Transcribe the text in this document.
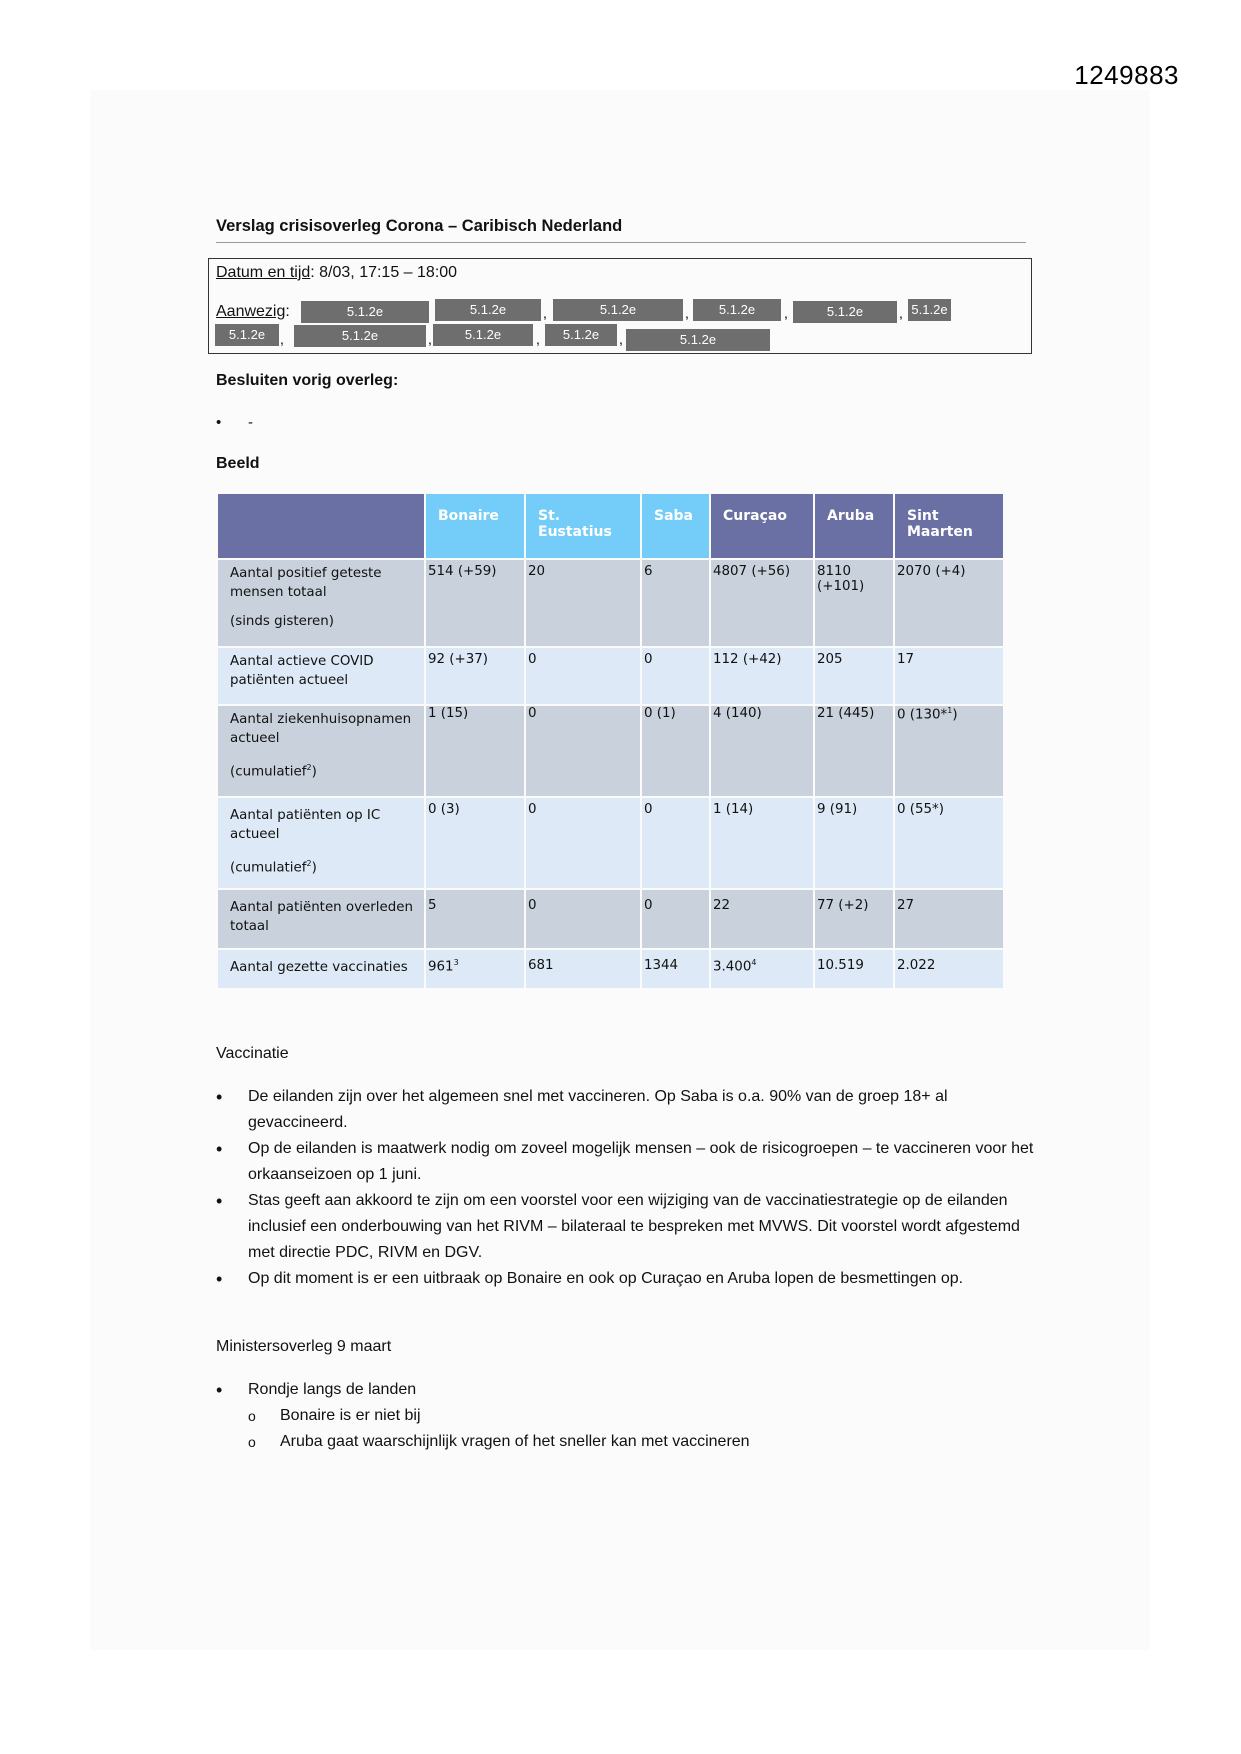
1249883
Verslag crisisoverleg Corona – Caribisch Nederland
Datum en tijd: 8/03, 17:15 – 18:00
Aanwezig:	5.1.2e	5.1.2e	,	5.1.2e	,	5.1.2e	,	5.1.2e	, 5.1.2e
5.1.2e	,	5.1.2e	,	5.1.2e	,	5.1.2e	,	5.1.2e
Besluiten vorig overleg:
• -
Beeld
	Bonaire	St. Eustatius	Saba	Curaçao	Aruba	Sint Maarten
Aantal positief geteste mensen totaal
(sinds gisteren)	514 (+59)	20	6	4807 (+56)	8110 (+101)	2070 (+4)
Aantal actieve COVID patiënten actueel	92 (+37)	0	0	112 (+42)	205	17
Aantal ziekenhuisopnamen actueel
(cumulatief$^2$)	1 (15)	0	0 (1)	4 (140)	21 (445)	0 (130*$^1$)
Aantal patiënten op IC actueel
(cumulatief$^2$)	0 (3)	0	0	1 (14)	9 (91)	0 (55*)
Aantal patiënten overleden totaal	5	0	0	22	77 (+2)	27
Aantal gezette vaccinaties	$961^3$	681	1344	3.400$^4$	10.519	2.022
Vaccinatie
• De eilanden zijn over het algemeen snel met vaccineren. Op Saba is o.a. 90% van de groep 18+ al gevaccineerd.
• Op de eilanden is maatwerk nodig om zoveel mogelijk mensen – ook de risicogroepen – te vaccineren voor het orkaanseizoen op 1 juni.
• Stas geeft aan akkoord te zijn om een voorstel voor een wijziging van de vaccinatiestrategie op de eilanden inclusief een onderbouwing van het RIVM – bilateraal te bespreken met MVWS. Dit voorstel wordt afgestemd met directie PDC, RIVM en DGV.
• Op dit moment is er een uitbraak op Bonaire en ook op Curaçao en Aruba lopen de besmettingen op.
Ministersoverleg 9 maart
• Rondje langs de landen
o Bonaire is er niet bij
o Aruba gaat waarschijnlijk vragen of het sneller kan met vaccineren
